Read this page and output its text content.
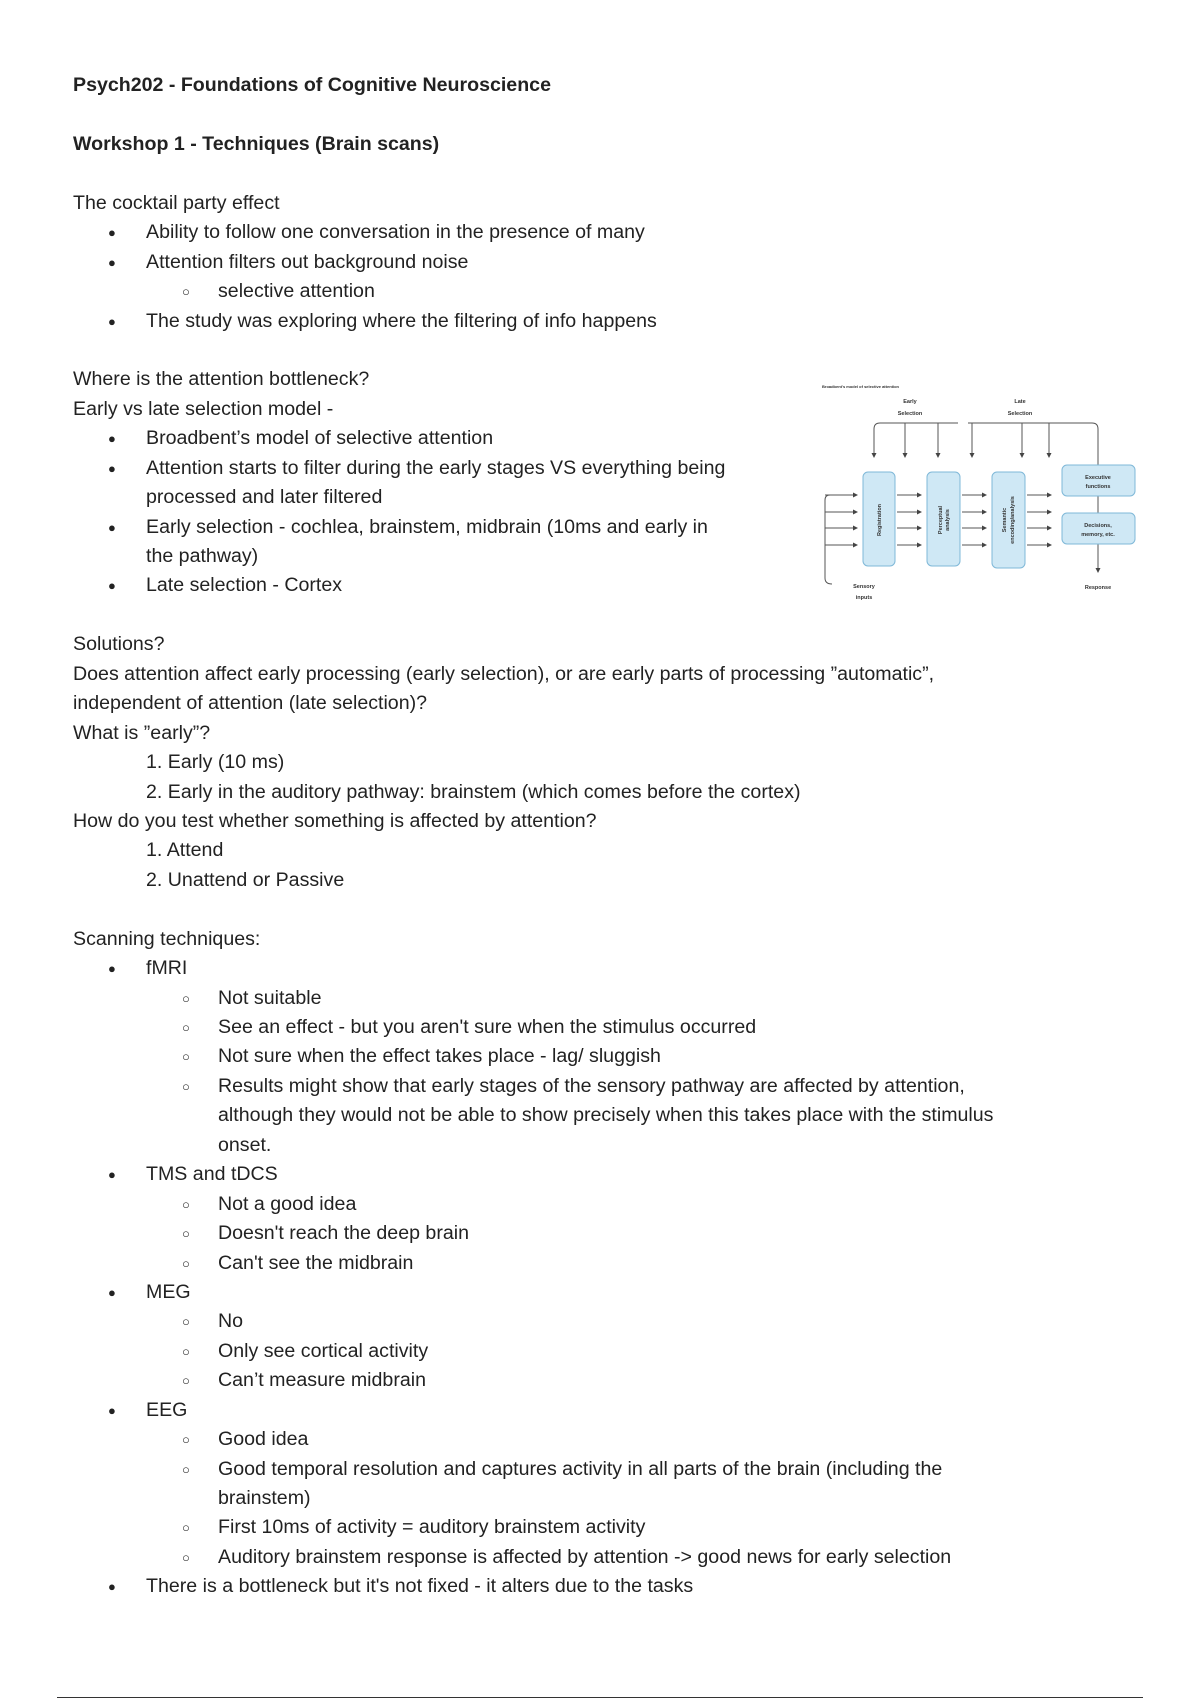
Psych202 - Foundations of Cognitive Neuroscience
Workshop 1 - Techniques (Brain scans)
The cocktail party effect
● Ability to follow one conversation in the presence of many
● Attention filters out background noise
○ selective attention
● The study was exploring where the filtering of info happens
Where is the attention bottleneck?
Early vs late selection model -
● Broadbent’s model of selective attention
● Attention starts to filter during the early stages VS everything being
processed and later filtered
● Early selection - cochlea, brainstem, midbrain (10ms and early in
the pathway)
● Late selection - Cortex
Solutions?
Does attention affect early processing (early selection), or are early parts of processing ”automatic”,
independent of attention (late selection)?
What is ”early”?
1. Early (10 ms)
2. Early in the auditory pathway: brainstem (which comes before the cortex)
How do you test whether something is affected by attention?
1. Attend
2. Unattend or Passive
Scanning techniques:
● fMRI
○ Not suitable
○ See an effect - but you aren't sure when the stimulus occurred
○ Not sure when the effect takes place - lag/ sluggish
○ Results might show that early stages of the sensory pathway are affected by attention,
although they would not be able to show precisely when this takes place with the stimulus
onset.
● TMS and tDCS
○ Not a good idea
○ Doesn't reach the deep brain
○ Can't see the midbrain
● MEG
○ No
○ Only see cortical activity
○ Can’t measure midbrain
● EEG
○ Good idea
○ Good temporal resolution and captures activity in all parts of the brain (including the
brainstem)
○ First 10ms of activity = auditory brainstem activity
○ Auditory brainstem response is affected by attention -> good news for early selection
● There is a bottleneck but it's not fixed - it alters due to the tasks
Broadbent's model of selective attention
Early
Selection
Late
Selection
Registration	Perceptual analysis	Semantic encoding/analysis
Executive
functions
Decisions,
memory, etc.
Sensory
inputs
Response
